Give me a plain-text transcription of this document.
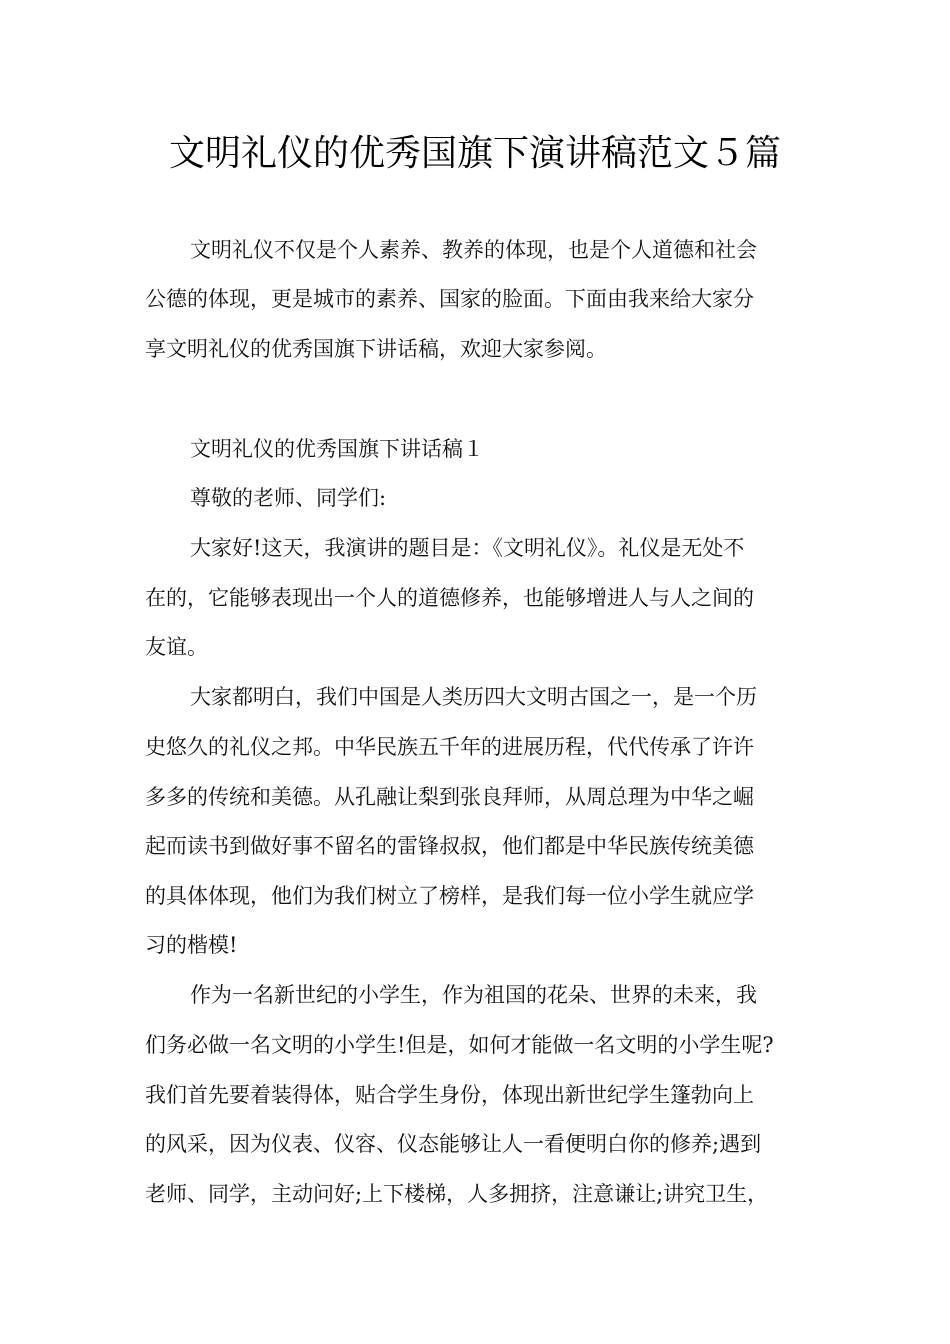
文明礼仪的优秀国旗下演讲稿范文５篇
文明礼仪不仅是个人素养、教养的体现，也是个人道德和社会
公德的体现，更是城市的素养、国家的脸面。下面由我来给大家分
享文明礼仪的优秀国旗下讲话稿，欢迎大家参阅。
文明礼仪的优秀国旗下讲话稿１
尊敬的老师、同学们:
大家好!这天，我演讲的题目是：《文明礼仪》。礼仪是无处不
在的，它能够表现出一个人的道德修养，也能够增进人与人之间的
友谊。
大家都明白，我们中国是人类历四大文明古国之一，是一个历
史悠久的礼仪之邦。中华民族五千年的进展历程，代代传承了许许
多多的传统和美德。从孔融让梨到张良拜师，从周总理为中华之崛
起而读书到做好事不留名的雷锋叔叔，他们都是中华民族传统美德
的具体体现，他们为我们树立了榜样，是我们每一位小学生就应学
习的楷模!
作为一名新世纪的小学生，作为祖国的花朵、世界的未来，我
们务必做一名文明的小学生!但是，如何才能做一名文明的小学生呢?
我们首先要着装得体，贴合学生身份，体现出新世纪学生篷勃向上
的风采，因为仪表、仪容、仪态能够让人一看便明白你的修养;遇到
老师、同学，主动问好;上下楼梯，人多拥挤，注意谦让;讲究卫生，
